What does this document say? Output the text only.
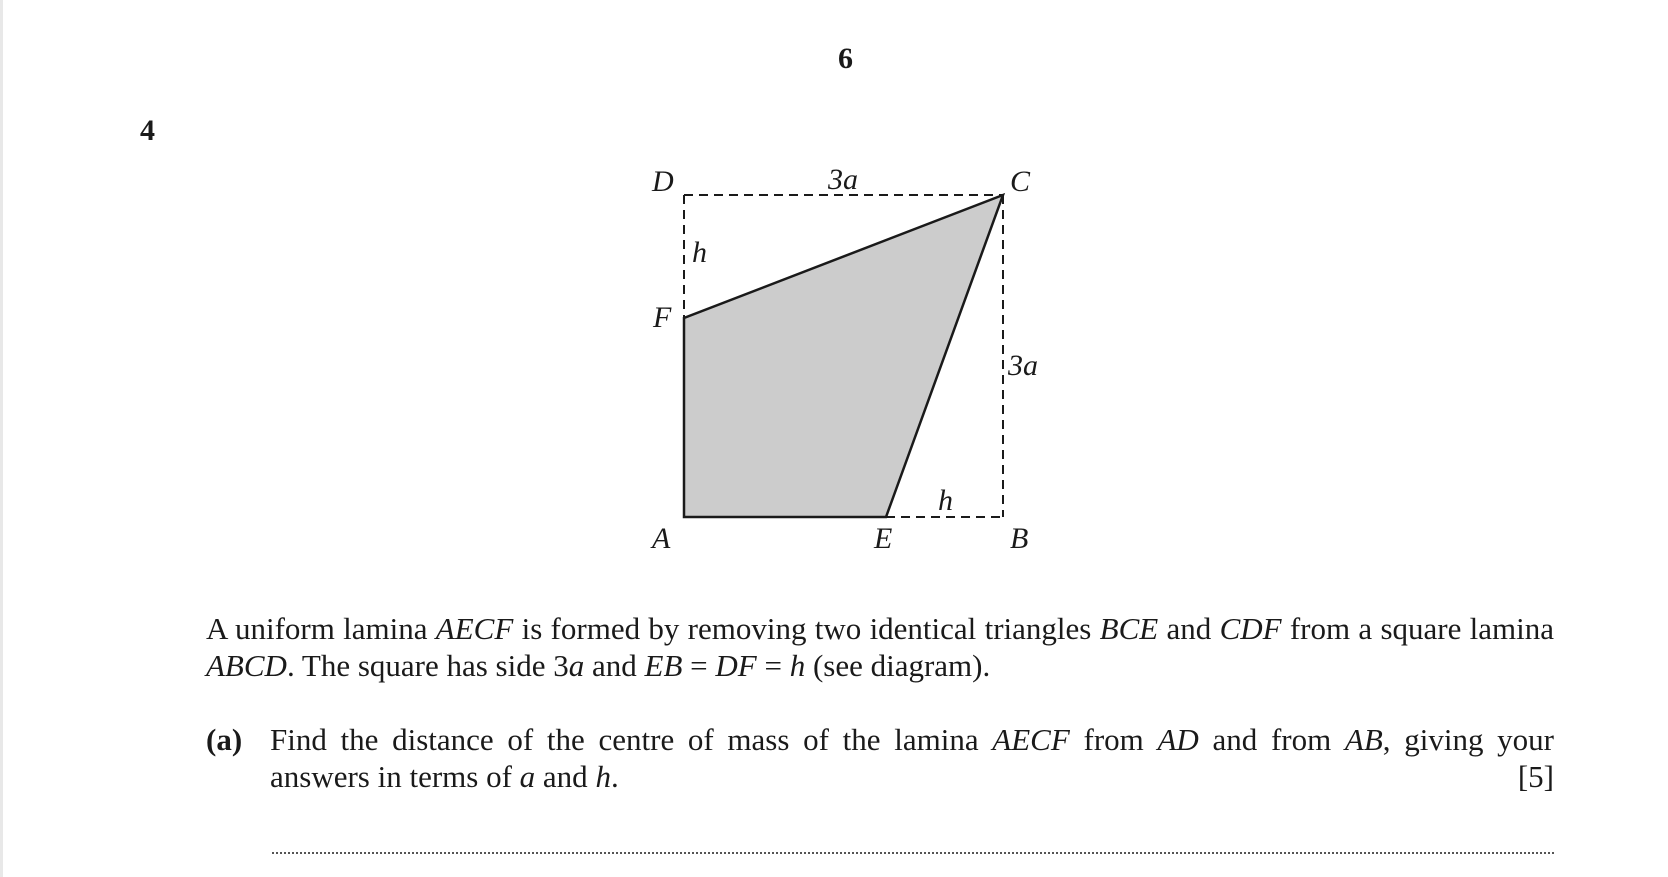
6
4
D	C
F
A	E	B
3a
3a
h
h
A uniform lamina AECF is formed by removing two identical triangles BCE and CDF from a square lamina ABCD. The square has side 3a and EB = DF = h (see diagram).
(a) Find the distance of the centre of mass of the lamina AECF from AD and from AB, giving your answers in terms of a and h.	[5]
